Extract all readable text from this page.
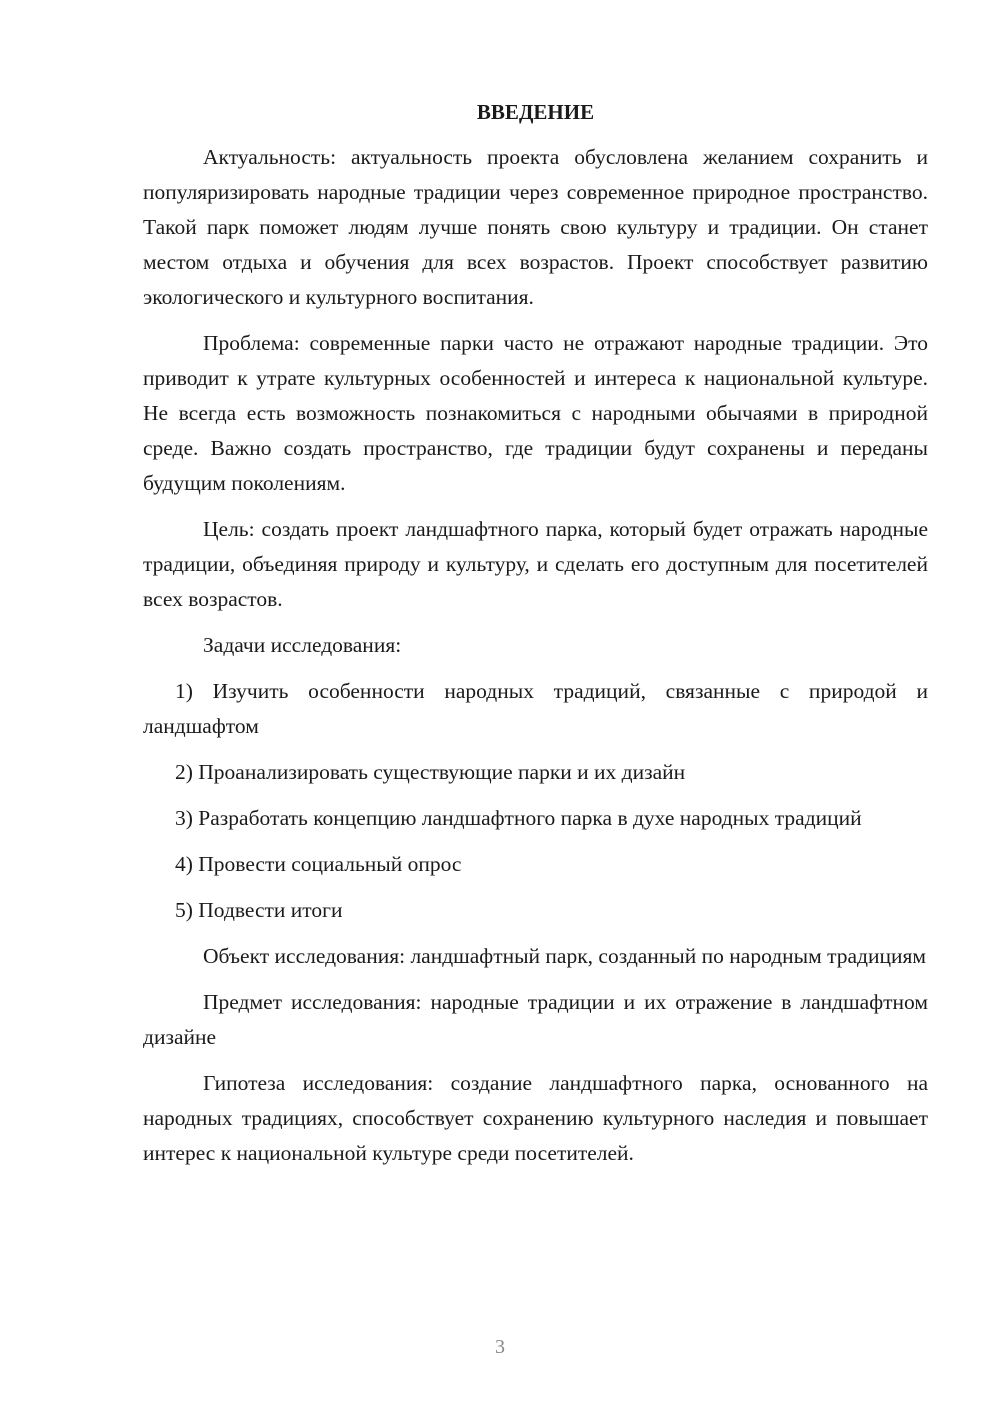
ВВЕДЕНИЕ

Актуальность: актуальность проекта обусловлена желанием сохранить и популяризировать народные традиции через современное природное пространство. Такой парк поможет людям лучше понять свою культуру и традиции. Он станет местом отдыха и обучения для всех возрастов. Проект способствует развитию экологического и культурного воспитания.

Проблема: современные парки часто не отражают народные традиции. Это приводит к утрате культурных особенностей и интереса к национальной культуре. Не всегда есть возможность познакомиться с народными обычаями в природной среде. Важно создать пространство, где традиции будут сохранены и переданы будущим поколениям.

Цель: создать проект ландшафтного парка, который будет отражать народные традиции, объединяя природу и культуру, и сделать его доступным для посетителей всех возрастов.

Задачи исследования:

1) Изучить особенности народных традиций, связанные с природой и ландшафтом

2) Проанализировать существующие парки и их дизайн

3) Разработать концепцию ландшафтного парка в духе народных традиций

4) Провести социальный опрос

5) Подвести итоги

Объект исследования: ландшафтный парк, созданный по народным традициям

Предмет исследования: народные традиции и их отражение в ландшафтном дизайне

Гипотеза исследования: создание ландшафтного парка, основанного на народных традициях, способствует сохранению культурного наследия и повышает интерес к национальной культуре среди посетителей.

3
